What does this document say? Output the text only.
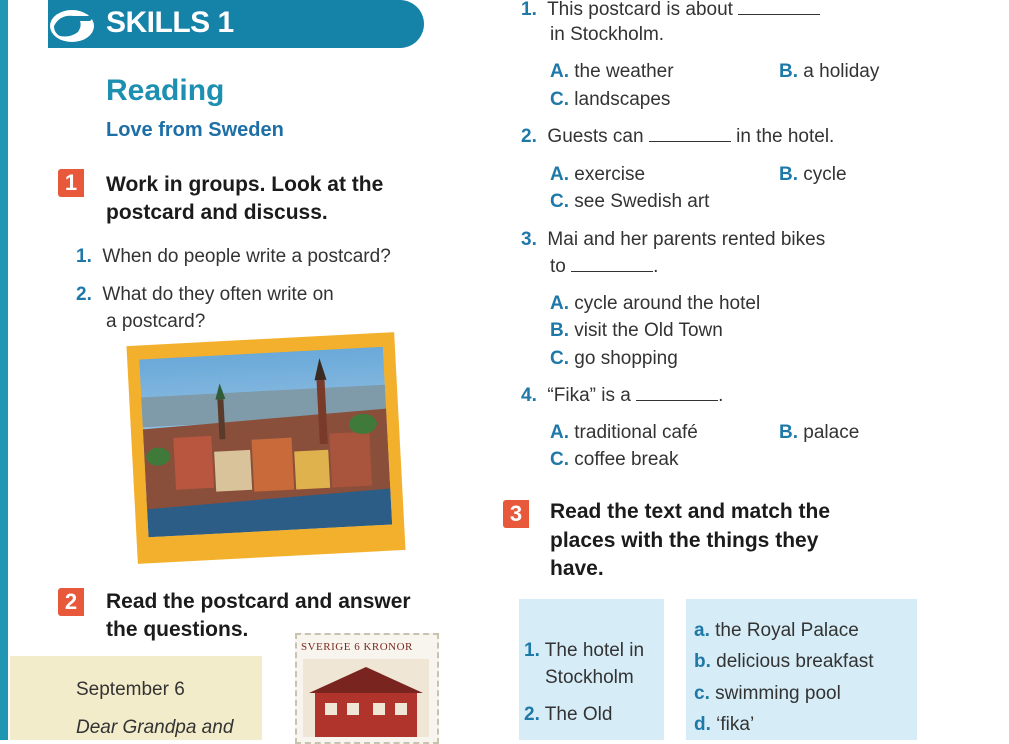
SKILLS 1
Reading
Love from Sweden
1	Work in groups. Look at the
postcard and discuss.
1. When do people write a postcard?
2. What do they often write on
a postcard?
2	Read the postcard and answer
the questions.
September 6
Dear Grandpa and
SVERIGE 6 KRONOR
1. This postcard is about
in Stockholm.
A. the weather	B. a holiday
C. landscapes
2. Guests can	in the hotel.
A. exercise	B. cycle
C. see Swedish art
3. Mai and her parents rented bikes
to	.
A. cycle around the hotel
B. visit the Old Town
C. go shopping
4. “Fika” is a	.
A. traditional café	B. palace
C. coffee break
3	Read the text and match the
places with the things they
have.
1. The hotel in
Stockholm
2. The Old
a. the Royal Palace
b. delicious breakfast
c. swimming pool
d. ‘fika’
